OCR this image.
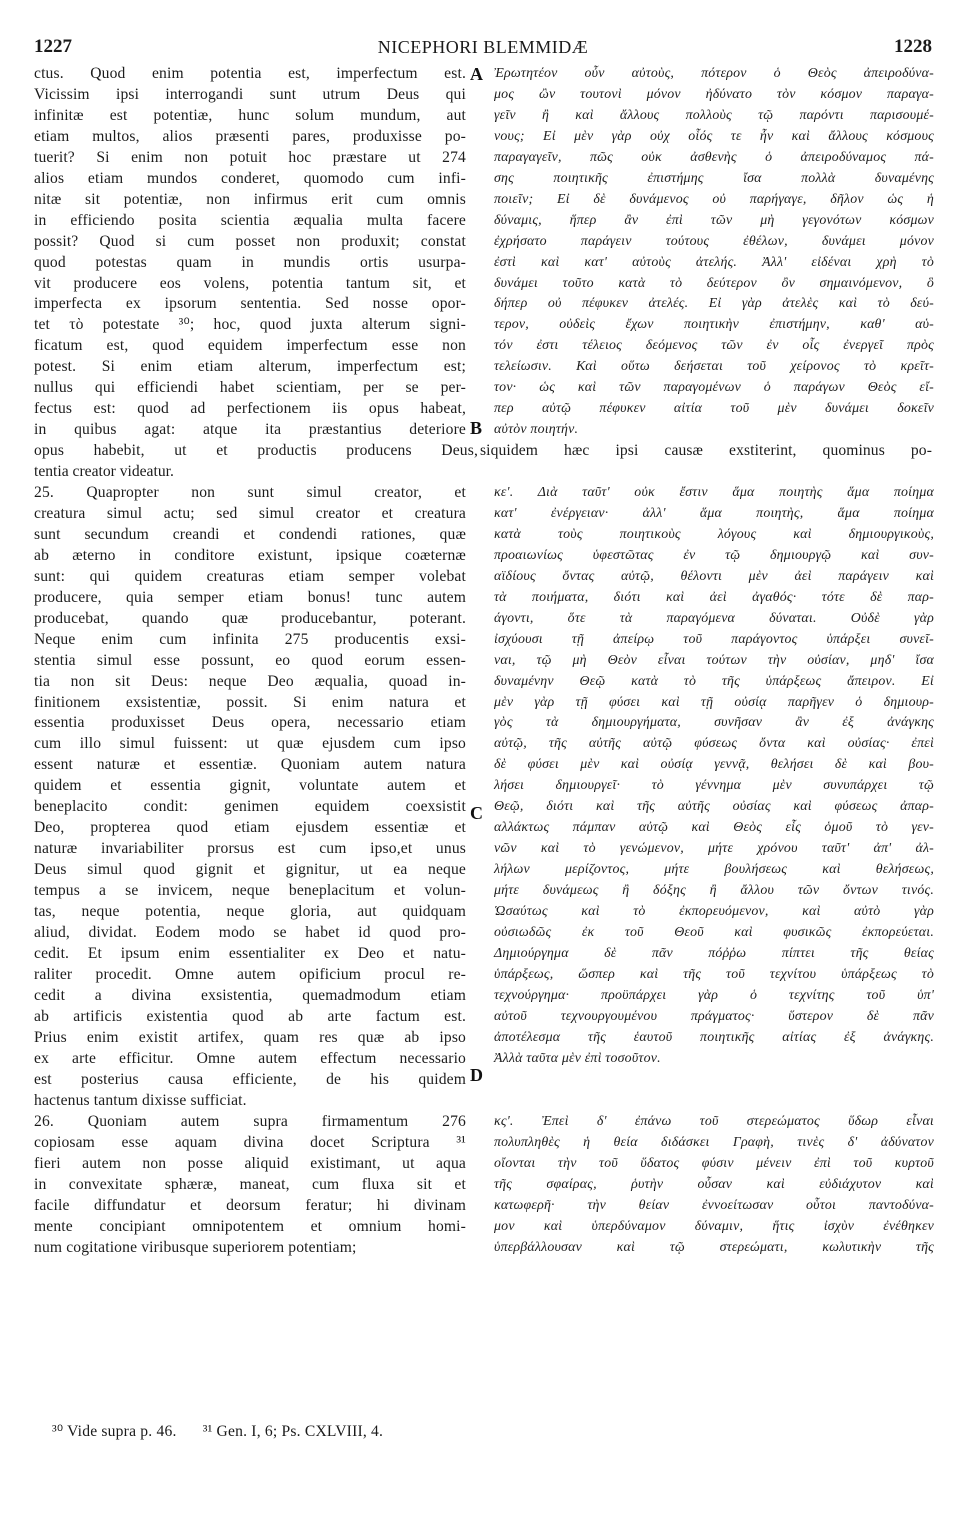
1227	NICEPHORI BLEMMIDÆ	1228
ctus. Quod enim potentia est, imperfectum est.
Vicissim ipsi interrogandi sunt utrum Deus qui
infinitæ est potentiæ, hunc solum mundum, aut
etiam multos, alios præsenti pares, produxisse po-
tuerit? Si enim non potuit hoc præstare ut 274
alios etiam mundos conderet, quomodo cum infi-
nitæ sit potentiæ, non infirmus erit cum omnis
in efficiendo posita scientia æqualia multa facere
possit? Quod si cum posset non produxit; constat
quod potestas quam in mundis ortis usurpa-
vit producere eos volens, potentia tantum sit, et
imperfecta ex ipsorum sententia. Sed nosse opor-
tet τὸ potestate ³⁰; hoc, quod juxta alterum signi-
ficatum est, quod equidem imperfectum esse non
potest. Si enim etiam alterum, imperfectum est;
nullus qui efficiendi habet scientiam, per se per-
fectus est: quod ad perfectionem iis opus habeat,
in quibus agat: atque ita præstantius deteriore
Ἐρωτητέον οὖν αὐτοὺς, πότερον ὁ Θεὸς ἀπειροδύνα-
μος ὢν τουτονὶ μόνον ἠδύνατο τὸν κόσμον παραγα-
γεῖν ἢ καὶ ἄλλους πολλοὺς τῷ παρόντι παρισουμέ-
νους; Εἰ μὲν γὰρ οὐχ οἷός τε ἦν καὶ ἄλλους κόσμους
παραγαγεῖν, πῶς οὐκ ἀσθενὴς ὁ ἀπειροδύναμος πά-
σης ποιητικῆς ἐπιστήμης ἴσα πολλὰ δυναμένης
ποιεῖν; Εἰ δὲ δυνάμενος οὐ παρήγαγε, δῆλον ὡς ἡ
δύναμις, ἥπερ ἂν ἐπὶ τῶν μὴ γεγονότων κόσμων
ἐχρήσατο παράγειν τούτους ἐθέλων, δυνάμει μόνον
ἐστὶ καὶ κατ' αὐτοὺς ἀτελής. Ἀλλ' εἰδέναι χρὴ τὸ
δυνάμει τοῦτο κατὰ τὸ δεύτερον ὂν σημαινόμενον, ὃ
δήπερ οὐ πέφυκεν ἀτελές. Εἰ γὰρ ἀτελὲς καὶ τὸ δεύ-
τερον, οὐδεὶς ἔχων ποιητικὴν ἐπιστήμην, καθ' αὑ-
τόν ἐστι τέλειος δεόμενος τῶν ἐν οἷς ἐνεργεῖ πρὸς
τελείωσιν. Καὶ οὕτω δεήσεται τοῦ χείρονος τὸ κρεῖτ-
τον· ὡς καὶ τῶν παραγομένων ὁ παράγων Θεὸς εἴ-
περ αὐτῷ πέφυκεν αἰτία τοῦ μὲν δυνάμει δοκεῖν
αὐτὸν ποιητήν.
opus habebit, ut et productis producens Deus, siquidem hæc ipsi causæ exstiterint, quominus po-
tentia creator videatur.
25. Quapropter non sunt simul creator, et
creatura simul actu; sed simul creator et creatura
sunt secundum creandi et condendi rationes, quæ
ab æterno in conditore existunt, ipsique coæternæ
sunt: qui quidem creaturas etiam semper volebat
producere, quia semper etiam bonus! tunc autem
producebat, quando quæ producebantur, poterant.
Neque enim cum infinita 275 producentis exsi-
stentia simul esse possunt, eo quod eorum essen-
tia non sit Deus: neque Deo æqualia, quoad in-
finitionem exsistentiæ, possit. Si enim natura et
essentia produxisset Deus opera, necessario etiam
cum illo simul fuissent: ut quæ ejusdem cum ipso
essent naturæ et essentiæ. Quoniam autem natura
quidem et essentia gignit, voluntate autem et
beneplacito condit: genimen equidem coexsistit
Deo, propterea quod etiam ejusdem essentiæ et
naturæ invariabiliter prorsus est cum ipso,et unus
Deus simul quod gignit et gignitur, ut ea neque
tempus a se invicem, neque beneplacitum et volun-
tas, neque potentia, neque gloria, aut quidquam
aliud, dividat. Eodem modo se habet id quod pro-
cedit. Et ipsum enim essentialiter ex Deo et natu-
raliter procedit. Omne autem opificium procul re-
cedit a divina exsistentia, quemadmodum etiam
ab artificis existentia quod ab arte factum est.
Prius enim existit artifex, quam res quæ ab ipso
ex arte efficitur. Omne autem effectum necessario
est posterius causa efficiente, de his quidem
hactenus tantum dixisse sufficiat.
κε'. Διὰ ταῦτ' οὐκ ἔστιν ἅμα ποιητὴς ἅμα ποίημα
κατ' ἐνέργειαν· ἀλλ' ἅμα ποιητὴς, ἅμα ποίημα
κατὰ τοὺς ποιητικοὺς λόγους καὶ δημιουργικοὺς,
προαιωνίως ὑφεστῶτας ἐν τῷ δημιουργῷ καὶ συν-
αϊδίους ὄντας αὐτῷ, θέλοντι μὲν ἀεὶ παράγειν καὶ
τὰ ποιήματα, διότι καὶ ἀεὶ ἀγαθός· τότε δὲ παρ-
άγοντι, ὅτε τὰ παραγόμενα δύναται. Οὐδὲ γὰρ
ἰσχύουσι τῇ ἀπείρῳ τοῦ παράγοντος ὑπάρξει συνεῖ-
ναι, τῷ μὴ Θεὸν εἶναι τούτων τὴν οὐσίαν, μηδ' ἴσα
δυναμένην Θεῷ κατὰ τὸ τῆς ὑπάρξεως ἄπειρον. Εἰ
μὲν γὰρ τῇ φύσει καὶ τῇ οὐσίᾳ παρῆγεν ὁ δημιουρ-
γὸς τὰ δημιουργήματα, συνῆσαν ἂν ἐξ ἀνάγκης
αὐτῷ, τῆς αὐτῆς αὐτῷ φύσεως ὄντα καὶ οὐσίας· ἐπεὶ
δὲ φύσει μὲν καὶ οὐσίᾳ γεννᾷ, θελήσει δὲ καὶ βου-
λήσει δημιουργεῖ· τὸ γέννημα μὲν συνυπάρχει τῷ
Θεῷ, διότι καὶ τῆς αὐτῆς οὐσίας καὶ φύσεως ἀπαρ-
αλλάκτως πάμπαν αὐτῷ καὶ Θεὸς εἷς ὁμοῦ τὸ γεν-
νῶν καὶ τὸ γενώμενον, μήτε χρόνου ταῦτ' ἀπ' ἀλ-
λήλων μερίζοντος, μήτε βουλήσεως καὶ θελήσεως,
μήτε δυνάμεως ἢ δόξης ἢ ἄλλου τῶν ὄντων τινός.
Ὡσαύτως καὶ τὸ ἐκπορευόμενον, καὶ αὐτὸ γὰρ
οὐσιωδῶς ἐκ τοῦ Θεοῦ καὶ φυσικῶς ἐκπορεύεται.
Δημιούργημα δὲ πᾶν πόῤῥω πίπτει τῆς θείας
ὑπάρξεως, ὥσπερ καὶ τῆς τοῦ τεχνίτου ὑπάρξεως τὸ
τεχνούργημα· προϋπάρχει γὰρ ὁ τεχνίτης τοῦ ὑπ'
αὐτοῦ τεχνουργουμένου πράγματος· ὕστερον δὲ πᾶν
ἀποτέλεσμα τῆς ἑαυτοῦ ποιητικῆς αἰτίας ἐξ ἀνάγκης.
Ἀλλὰ ταῦτα μὲν ἐπὶ τοσοῦτον.
26. Quoniam autem supra firmamentum 276
copiosam esse aquam divina docet Scriptura ³¹
fieri autem non posse aliquid existimant, ut aqua
in convexitate sphæræ, maneat, cum fluxa sit et
facile diffundatur et deorsum feratur; hi divinam
mente concipiant omnipotentem et omnium homi-
num cogitatione viribusque superiorem potentiam;
κς'. Ἐπεὶ δ' ἐπάνω τοῦ στερεώματος ὕδωρ εἶναι
πολυπληθὲς ἡ θεία διδάσκει Γραφὴ, τινὲς δ' ἀδύνατον
οἴονται τὴν τοῦ ὕδατος φύσιν μένειν ἐπὶ τοῦ κυρτοῦ
τῆς σφαίρας, ῥυτὴν οὖσαν καὶ εὐδιάχυτον καὶ
κατωφερῆ· τὴν θείαν ἐννοείτωσαν οὗτοι παντοδύνα-
μον καὶ ὑπερδύναμον δύναμιν, ἥτις ἰσχὺν ἐνέθηκεν
ὑπερβάλλουσαν καὶ τῷ στερεώματι, κωλυτικὴν τῆς
A
B
C
D
³⁰ Vide supra p. 46. ³¹ Gen. I, 6; Ps. CXLVIII, 4.
